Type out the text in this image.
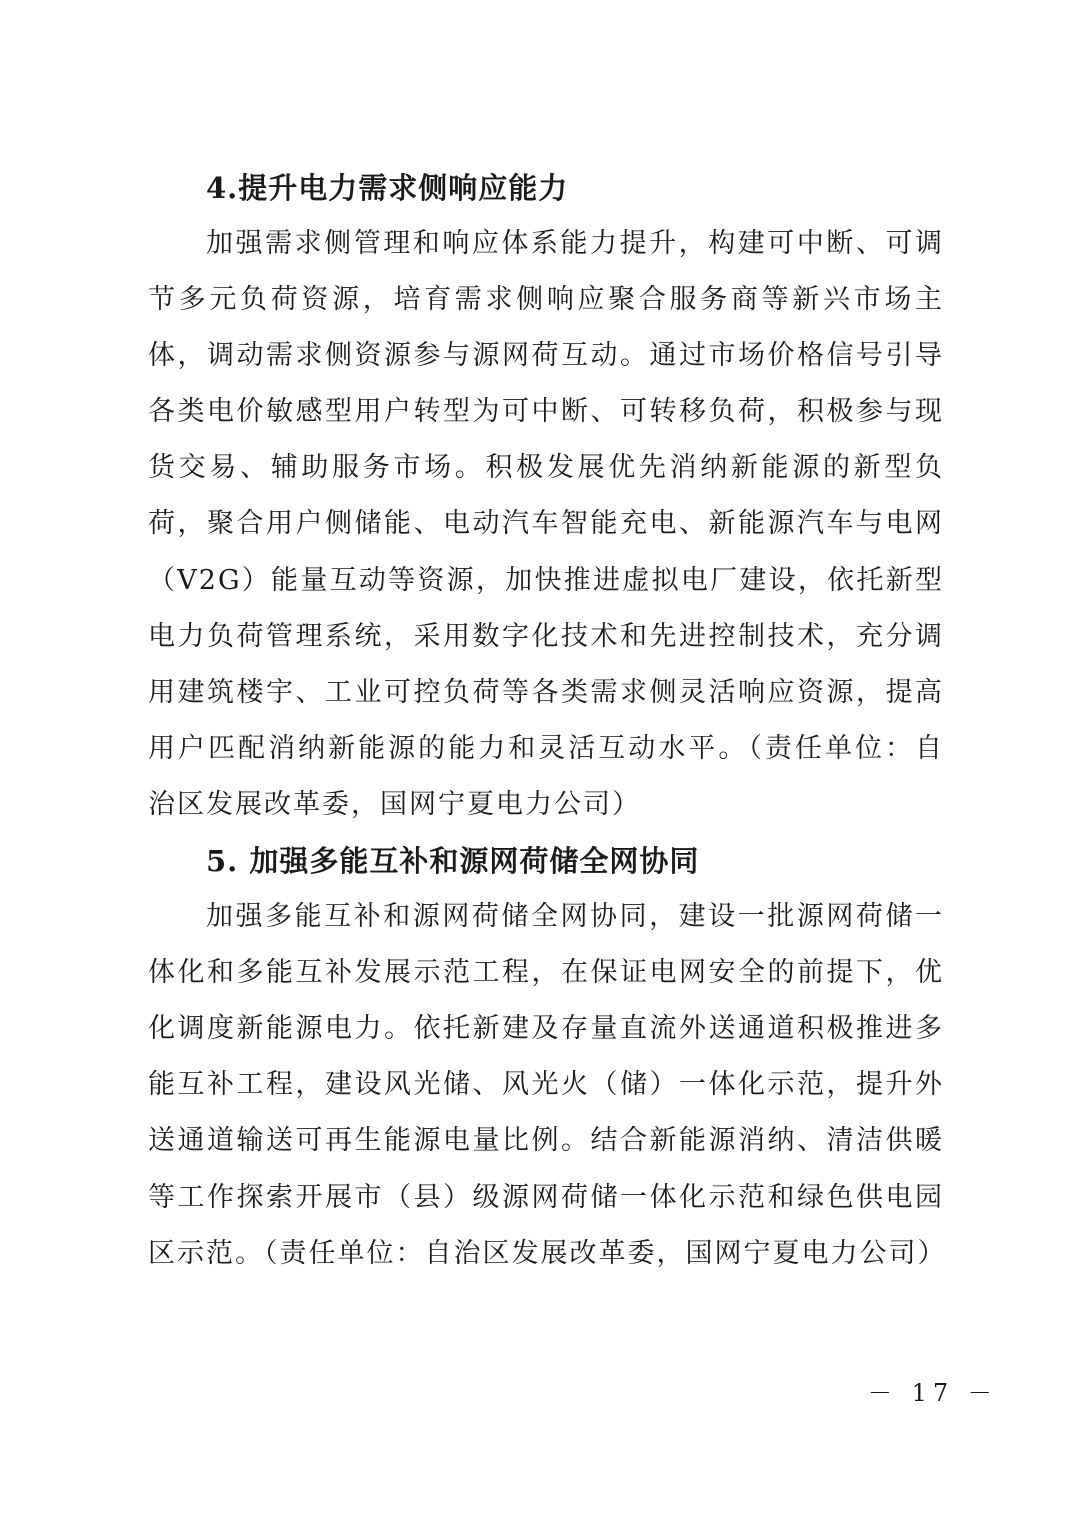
4.提升电力需求侧响应能力

加强需求侧管理和响应体系能力提升，构建可中断、可调节多元负荷资源，培育需求侧响应聚合服务商等新兴市场主体，调动需求侧资源参与源网荷互动。通过市场价格信号引导各类电价敏感型用户转型为可中断、可转移负荷，积极参与现货交易、辅助服务市场。积极发展优先消纳新能源的新型负荷，聚合用户侧储能、电动汽车智能充电、新能源汽车与电网（V2G）能量互动等资源，加快推进虚拟电厂建设，依托新型电力负荷管理系统，采用数字化技术和先进控制技术，充分调用建筑楼宇、工业可控负荷等各类需求侧灵活响应资源，提高用户匹配消纳新能源的能力和灵活互动水平。（责任单位：自治区发展改革委，国网宁夏电力公司）

5. 加强多能互补和源网荷储全网协同

加强多能互补和源网荷储全网协同，建设一批源网荷储一体化和多能互补发展示范工程，在保证电网安全的前提下，优化调度新能源电力。依托新建及存量直流外送通道积极推进多能互补工程，建设风光储、风光火（储）一体化示范，提升外送通道输送可再生能源电量比例。结合新能源消纳、清洁供暖等工作探索开展市（县）级源网荷储一体化示范和绿色供电园区示范。（责任单位：自治区发展改革委，国网宁夏电力公司）

－ 17 －
